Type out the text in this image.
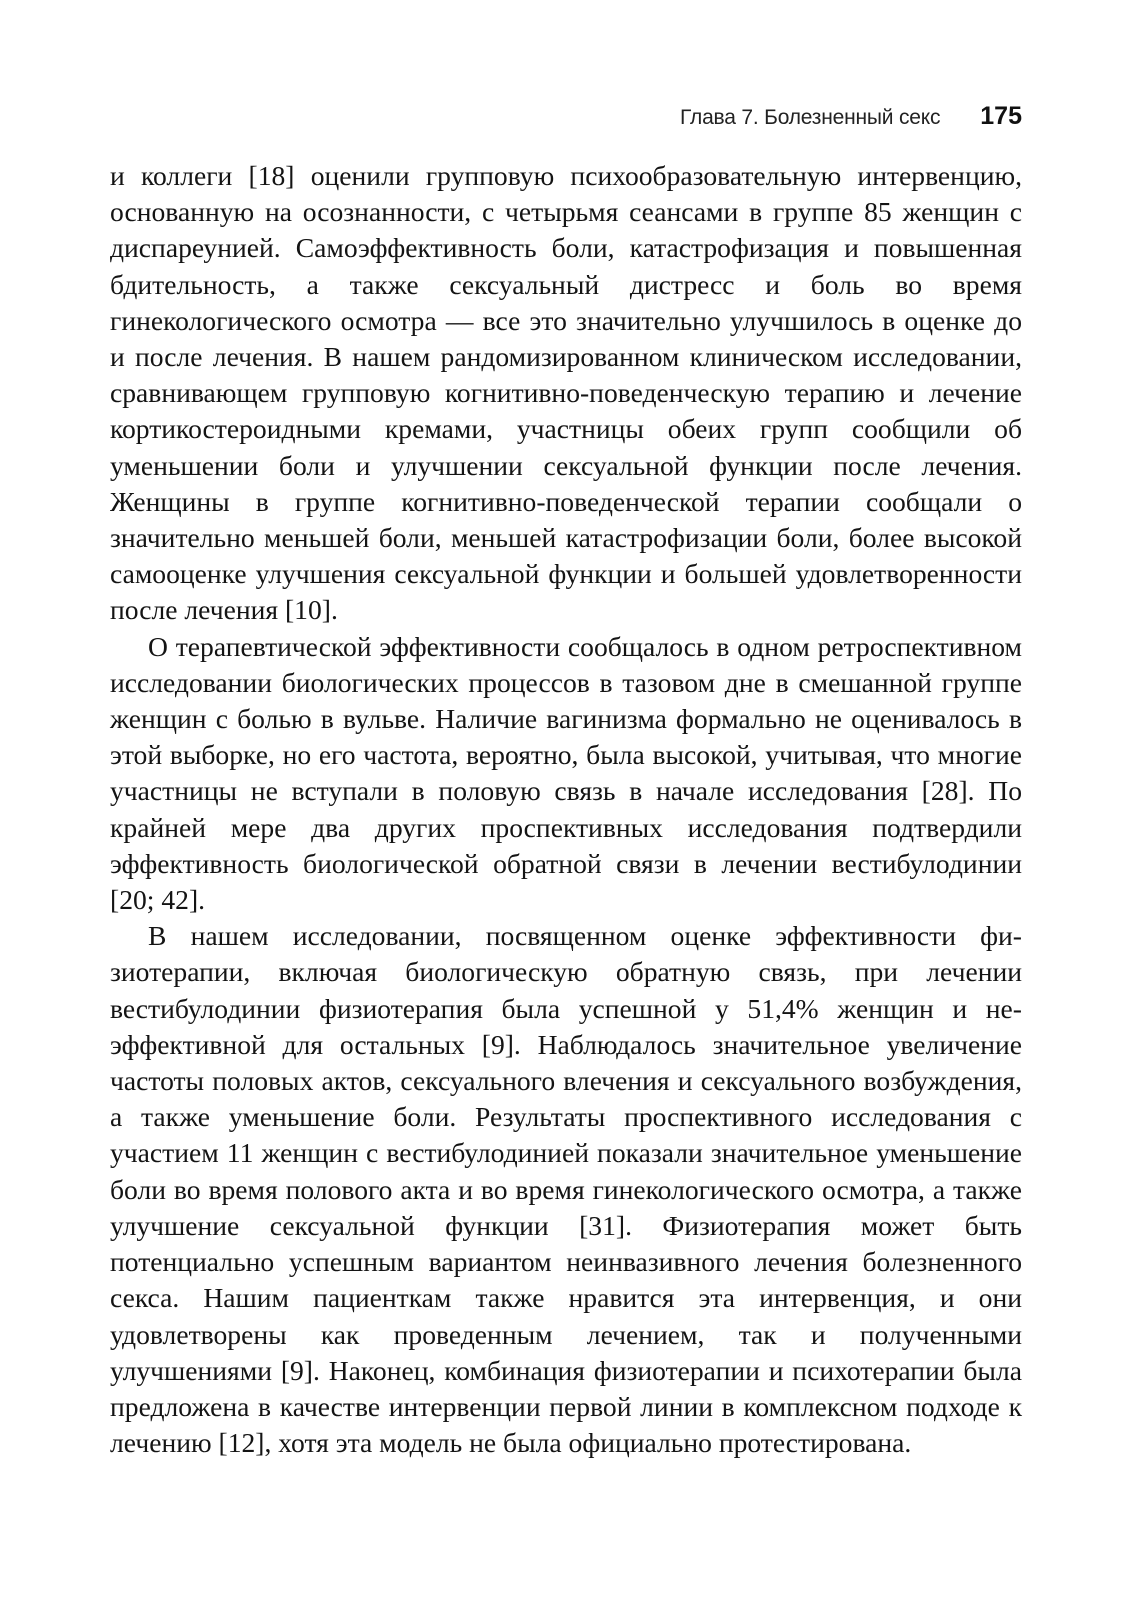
Глава 7. Болезненный секс 175

и коллеги [18] оценили групповую психообразовательную интервенцию, основанную на осознанности, с четырьмя сеансами в группе 85 женщин с диспареунией. Самоэффективность боли, катастрофизация и повышенная бдительность, а также сексуальный дистресс и боль во время гинекологического осмотра — все это значительно улучшилось в оценке до и после лечения. В нашем рандомизированном клиническом исследовании, сравнивающем групповую когнитивно-поведенческую терапию и лечение кортикостероидными кремами, участницы обеих групп сообщили об уменьшении боли и улучшении сексуальной функции после лечения. Женщины в группе когнитивно-поведенческой терапии сообщали о значительно меньшей боли, меньшей катастрофизации боли, более высокой самооценке улучшения сексуальной функции и большей удовлетворенности после лечения [10].

О терапевтической эффективности сообщалось в одном ретроспективном исследовании биологических процессов в тазовом дне в смешанной группе женщин с болью в вульве. Наличие вагинизма формально не оценивалось в этой выборке, но его частота, вероятно, была высокой, учитывая, что многие участницы не вступали в половую связь в начале исследования [28]. По крайней мере два других проспективных исследования подтвердили эффективность биологической обратной связи в лечении вестибулодинии [20; 42].

В нашем исследовании, посвященном оценке эффективности физиотерапии, включая биологическую обратную связь, при лечении вестибулодинии физиотерапия была успешной у 51,4% женщин и неэффективной для остальных [9]. Наблюдалось значительное увеличение частоты половых актов, сексуального влечения и сексуального возбуждения, а также уменьшение боли. Результаты проспективного исследования с участием 11 женщин с вестибулодинией показали значительное уменьшение боли во время полового акта и во время гинекологического осмотра, а также улучшение сексуальной функции [31]. Физиотерапия может быть потенциально успешным вариантом неинвазивного лечения болезненного секса. Нашим пациенткам также нравится эта интервенция, и они удовлетворены как проведенным лечением, так и полученными улучшениями [9]. Наконец, комбинация физиотерапии и психотерапии была предложена в качестве интервенции первой линии в комплексном подходе к лечению [12], хотя эта модель не была официально протестирована.
